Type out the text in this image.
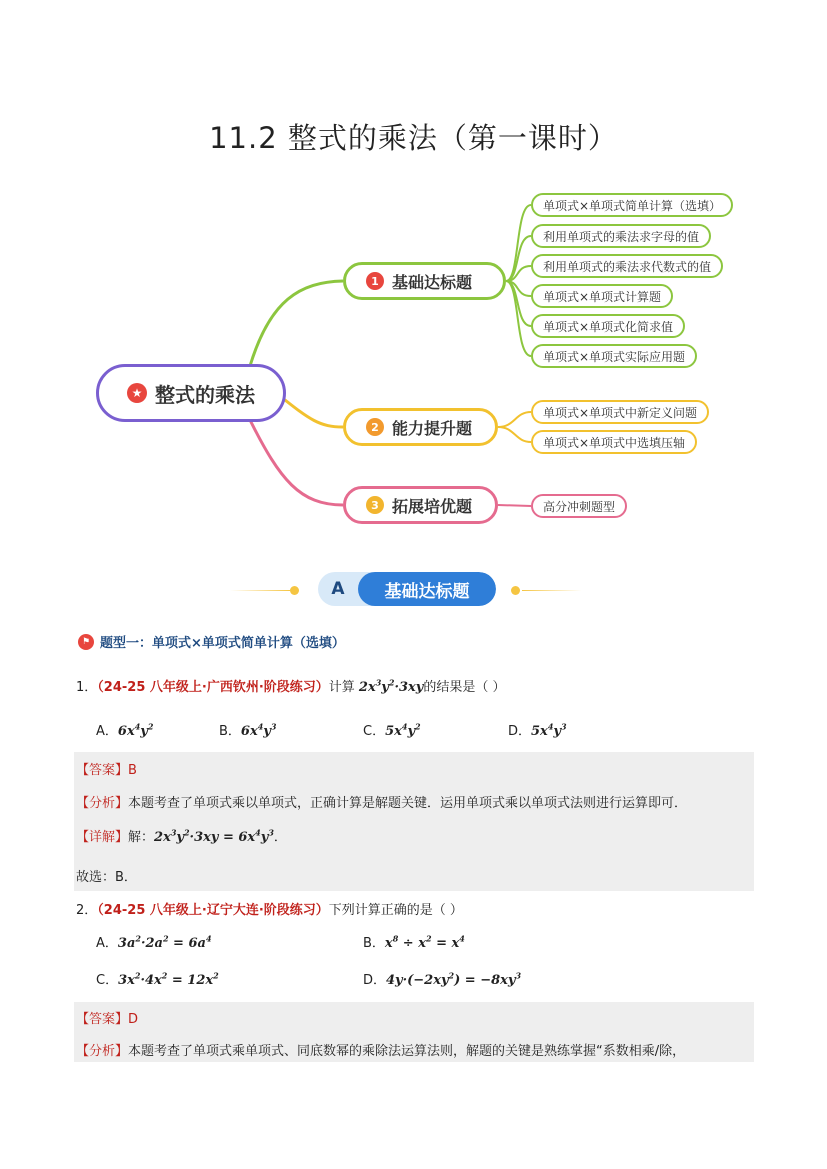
11.2 整式的乘法（第一课时）
★ 整式的乘法
1 基础达标题
2 能力提升题
3 拓展培优题
单项式×单项式简单计算（选填）
利用单项式的乘法求字母的值
利用单项式的乘法求代数式的值
单项式×单项式计算题
单项式×单项式化简求值
单项式×单项式实际应用题
单项式×单项式中新定义问题
单项式×单项式中选填压轴
高分冲刺题型
A	基础达标题
⚑ 题型一：单项式×单项式简单计算（选填）
1．（24-25 八年级上·广西钦州·阶段练习）计算 $2x^3y^2\cdot 3xy$的结果是（ ）
A．$6x^4y^2$	B．$6x^4y^3$	C．$5x^4y^2$	D．$5x^4y^3$
【答案】B
【分析】本题考查了单项式乘以单项式，正确计算是解题关键．运用单项式乘以单项式法则进行运算即可．
【详解】解：$2x^3y^2\cdot 3xy = 6x^4y^3$．
故选：B．
2．（24-25 八年级上·辽宁大连·阶段练习）下列计算正确的是（ ）
A．$3a^2\cdot 2a^2 = 6a^4$	B．$x^8 \div x^2 = x^4$
C．$3x^2\cdot 4x^2 = 12x^2$	D．$4y\cdot(-2xy^2) = -8xy^3$
【答案】D
【分析】本题考查了单项式乘单项式、同底数幂的乘除法运算法则，解题的关键是熟练掌握“系数相乘/除，
